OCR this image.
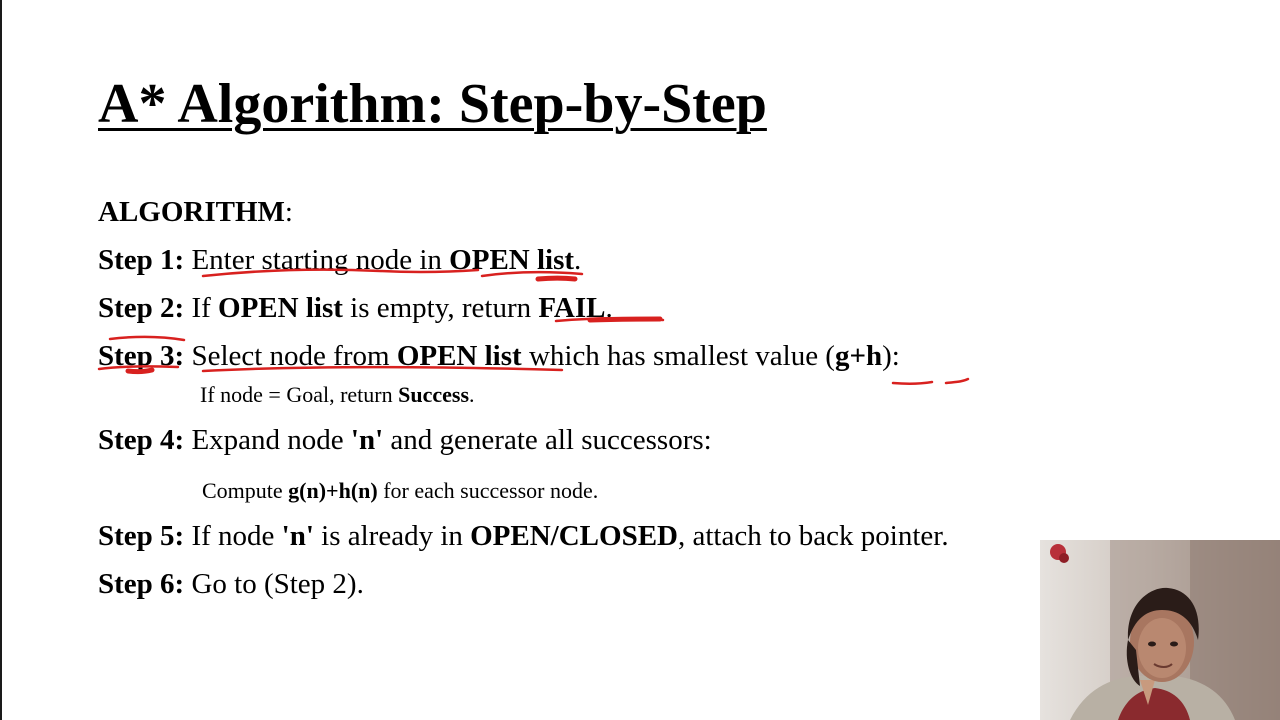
A* Algorithm: Step-by-Step
ALGORITHM:
Step 1: Enter starting node in OPEN list.
Step 2: If OPEN list is empty, return FAIL.
Step 3: Select node from OPEN list which has smallest value (g+h):
If node = Goal, return Success.
Step 4: Expand node 'n' and generate all successors:
Compute g(n)+h(n) for each successor node.
Step 5: If node 'n' is already in OPEN/CLOSED, attach to back pointer.
Step 6: Go to (Step 2).
